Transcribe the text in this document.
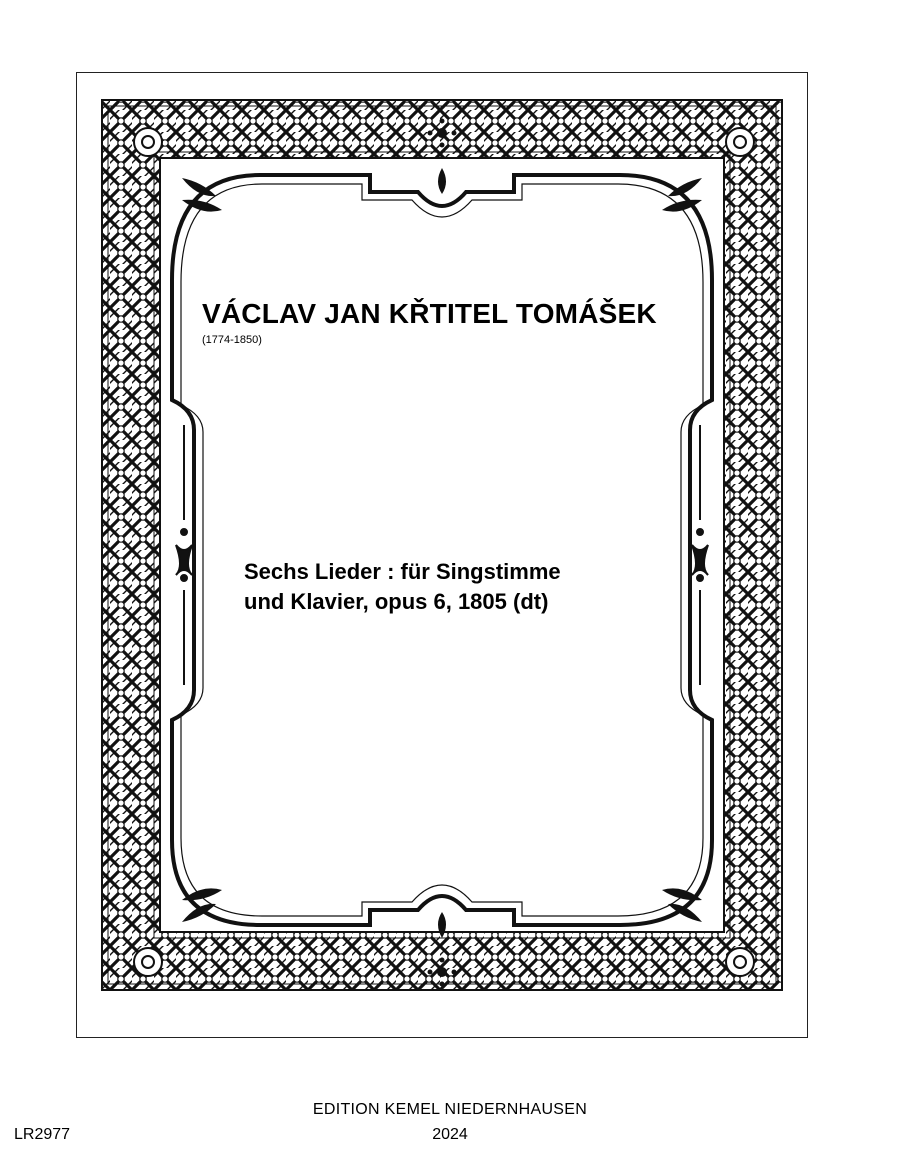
VÁCLAV JAN KŘTITEL TOMÁŠEK
(1774-1850)
Sechs Lieder : für Singstimme
und Klavier, opus 6, 1805 (dt)
EDITION KEMEL NIEDERNHAUSEN
2024
LR2977
